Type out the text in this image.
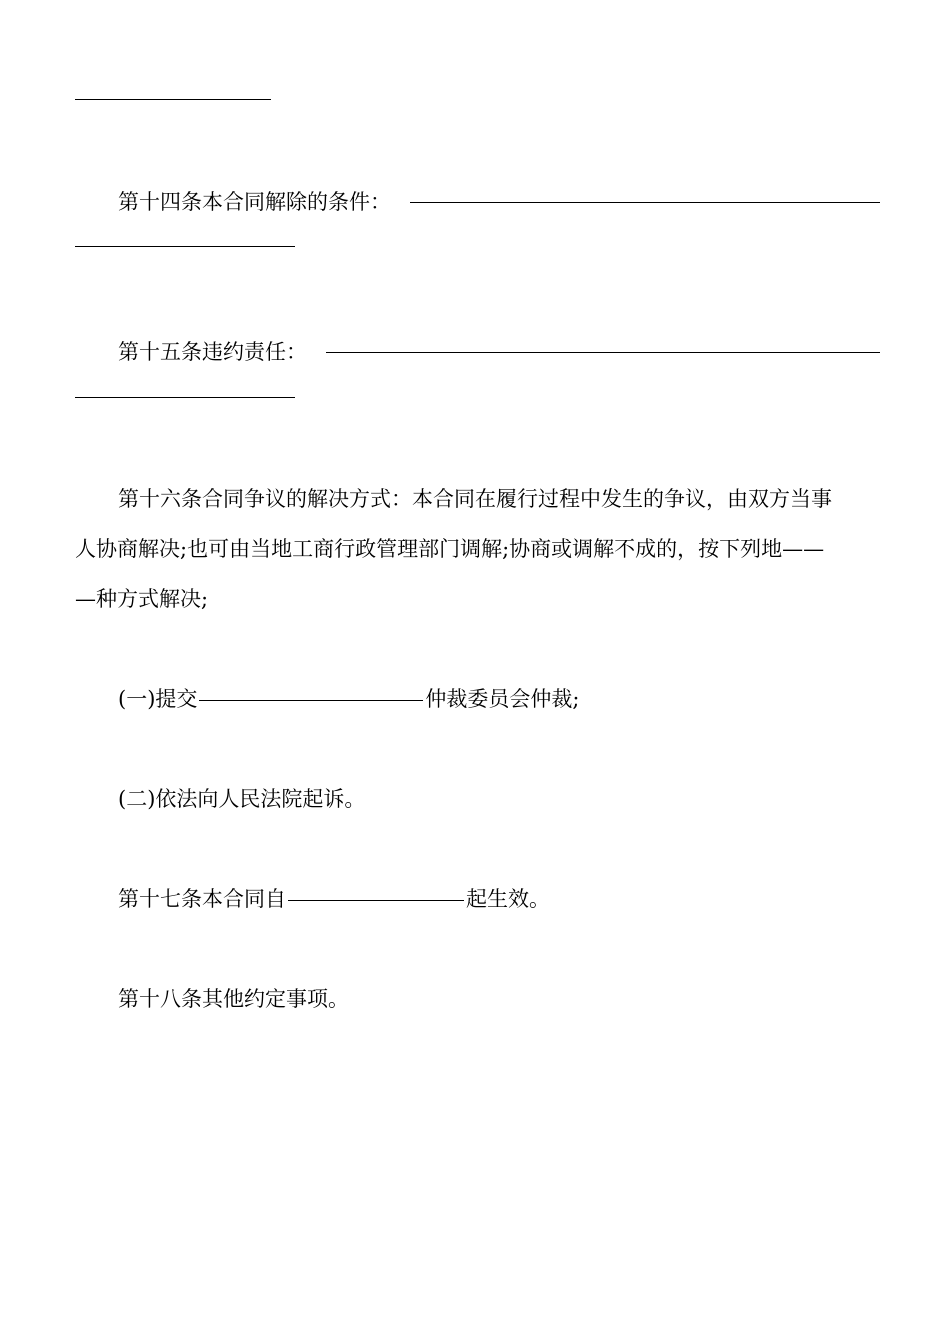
第十四条本合同解除的条件：
第十五条违约责任：
第十六条合同争议的解决方式：本合同在履行过程中发生的争议，由双方当事
人协商解决;也可由当地工商行政管理部门调解;协商或调解不成的，按下列地——
—种方式解决;
(一)提交	仲裁委员会仲裁;
(二)依法向人民法院起诉。
第十七条本合同自	起生效。
第十八条其他约定事项。
